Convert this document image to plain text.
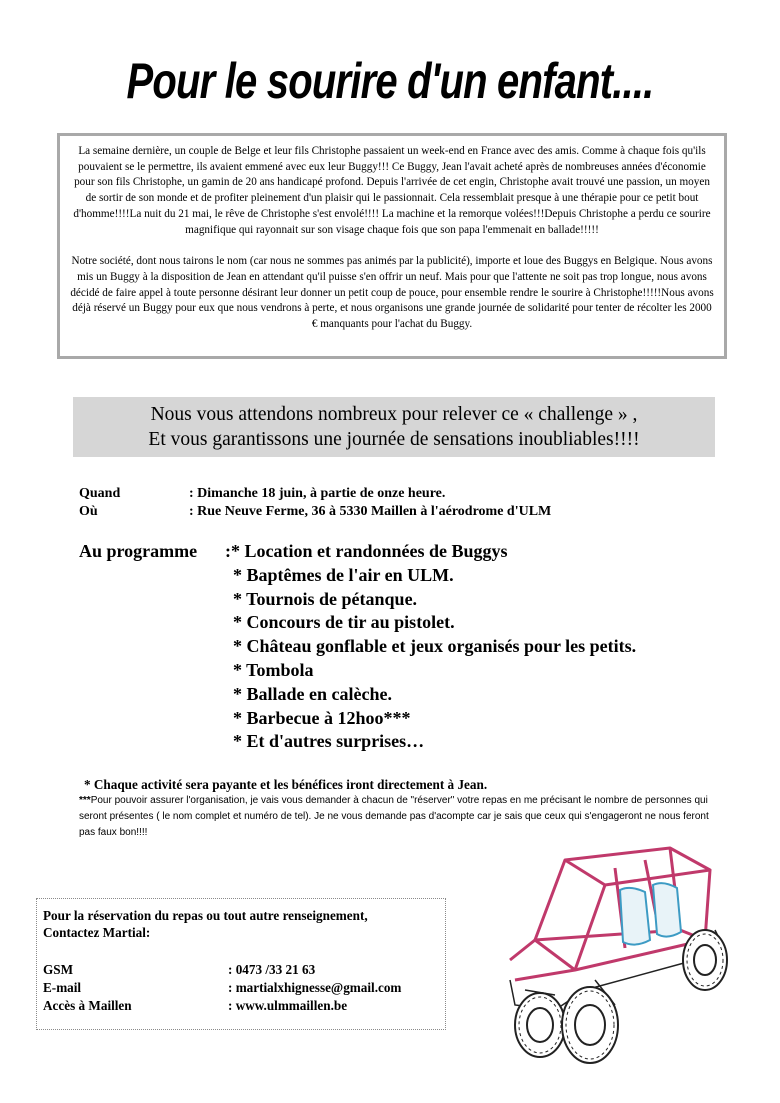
Pour le sourire d'un enfant....

La semaine dernière, un couple de Belge et leur fils Christophe passaient un week-end en France avec des amis. Comme à chaque fois qu'ils pouvaient se le permettre, ils avaient emmené avec eux leur Buggy!!! Ce Buggy, Jean l'avait acheté après de nombreuses années d'économie pour son fils Christophe, un gamin de 20 ans handicapé profond. Depuis l'arrivée de cet engin, Christophe avait trouvé une passion, un moyen de sortir de son monde et de profiter pleinement d'un plaisir qui le passionnait. Cela ressemblait presque à une thérapie pour ce petit bout d'homme!!!!La nuit du 21 mai, le rêve de Christophe s'est envolé!!!! La machine et la remorque volées!!!Depuis Christophe a perdu ce sourire magnifique qui rayonnait sur son visage chaque fois que son papa l'emmenait en ballade!!!!!

Notre société, dont nous tairons le nom (car nous ne sommes pas animés par la publicité), importe et loue des Buggys en Belgique. Nous avons mis un Buggy à la disposition de Jean en attendant qu'il puisse s'en offrir un neuf. Mais pour que l'attente ne soit pas trop longue, nous avons décidé de faire appel à toute personne désirant leur donner un petit coup de pouce, pour ensemble rendre le sourire à Christophe!!!!!Nous avons déjà réservé un Buggy pour eux que nous vendrons à perte, et nous organisons une grande journée de solidarité pour tenter de récolter les 2000 € manquants pour l'achat du Buggy.

Nous vous attendons nombreux pour relever ce « challenge » ,
Et vous garantissons une journée de sensations inoubliables!!!!
Quand	: Dimanche 18 juin, à partie de onze heure.
Où	: Rue Neuve Ferme, 36 à 5330 Maillen à l'aérodrome d'ULM
Au programme :* Location et randonnées de Buggys
* Baptêmes de l'air en ULM.
* Tournois de pétanque.
* Concours de tir au pistolet.
* Château gonflable et jeux organisés pour les petits.
* Tombola
* Ballade en calèche.
* Barbecue à 12hoo***
* Et d'autres surprises…
* Chaque activité sera payante et les bénéfices iront directement à Jean.
***Pour pouvoir assurer l'organisation, je vais vous demander à chacun de "réserver" votre repas en me précisant le nombre de personnes qui seront présentes ( le nom complet et numéro de tel). Je ne vous demande pas d'acompte car je sais que ceux qui s'engageront ne nous feront pas faux bon!!!!
Pour la réservation du repas ou tout autre renseignement,
Contactez Martial:
GSM	: 0473 /33 21 63
E-mail	: martialxhignesse@gmail.com
Accès à Maillen	: www.ulmmaillen.be
